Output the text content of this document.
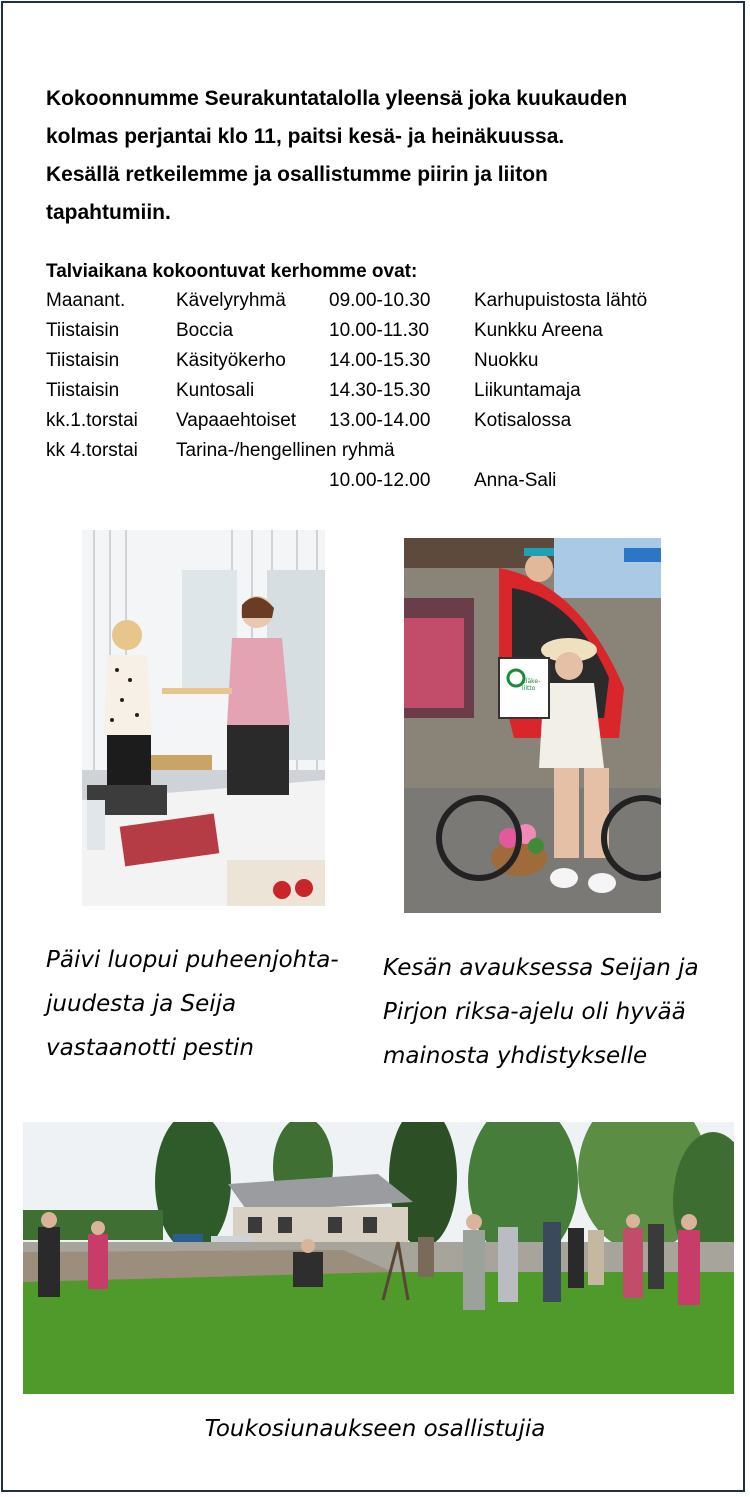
Kokoonnumme Seurakuntatalolla yleensä joka kuukauden

kolmas perjantai klo 11, paitsi kesä- ja heinäkuussa.

Kesällä retkeilemme ja osallistumme piirin ja liiton

tapahtumiin.

Talviaikana kokoontuvat kerhomme ovat:
Maanant.	Kävelyryhmä 09.00-10.30 Karhupuistosta lähtö
Tiistaisin	Boccia	10.00-11.30 Kunkku Areena
Tiistaisin	Käsityökerho 14.00-15.30 Nuokku
Tiistaisin	Kuntosali	14.30-15.30 Liikuntamaja
kk.1.torstai Vapaaehtoiset 13.00-14.00 Kotisalossa
kk 4.torstai Tarina-/hengellinen ryhmä
10.00-12.00 Anna-Sali
Eläke-
liitto

Päivi luopui puheenjohta-

juudesta ja Seija

vastaanotti pestin

Kesän avauksessa Seijan ja

Pirjon riksa-ajelu oli hyvää

mainosta yhdistykselle

Toukosiunaukseen osallistujia
